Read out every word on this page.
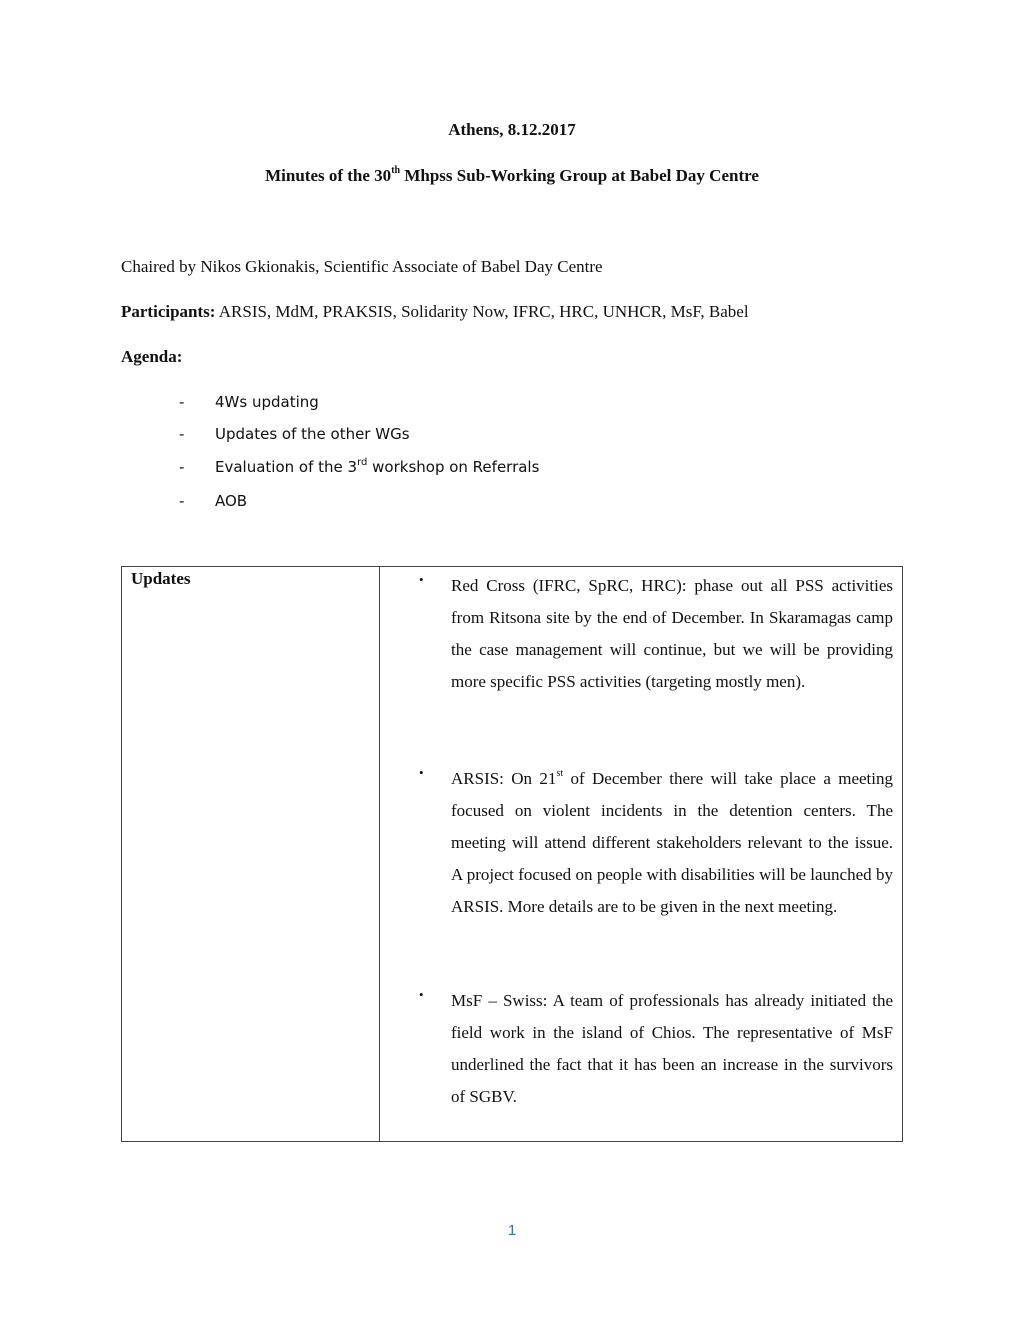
Athens, 8.12.2017
Minutes of the 30th Mhpss Sub-Working Group at Babel Day Centre
Chaired by Nikos Gkionakis, Scientific Associate of Babel Day Centre
Participants: ARSIS, MdM, PRAKSIS, Solidarity Now, IFRC, HRC, UNHCR, MsF, Babel
Agenda:
- 4Ws updating
- Updates of the other WGs
- Evaluation of the 3rd workshop on Referrals
- AOB
Updates	• Red Cross (IFRC, SpRC, HRC): phase out all PSS activities from Ritsona site by the end of December. In Skaramagas camp the case management will continue, but we will be providing more specific PSS activities (targeting mostly men).
• ARSIS: On 21st of December there will take place a meeting focused on violent incidents in the detention centers. The meeting will attend different stakeholders relevant to the issue. A project focused on people with disabilities will be launched by ARSIS. More details are to be given in the next meeting.
• MsF – Swiss: A team of professionals has already initiated the field work in the island of Chios. The representative of MsF underlined the fact that it has been an increase in the survivors of SGBV.
1
